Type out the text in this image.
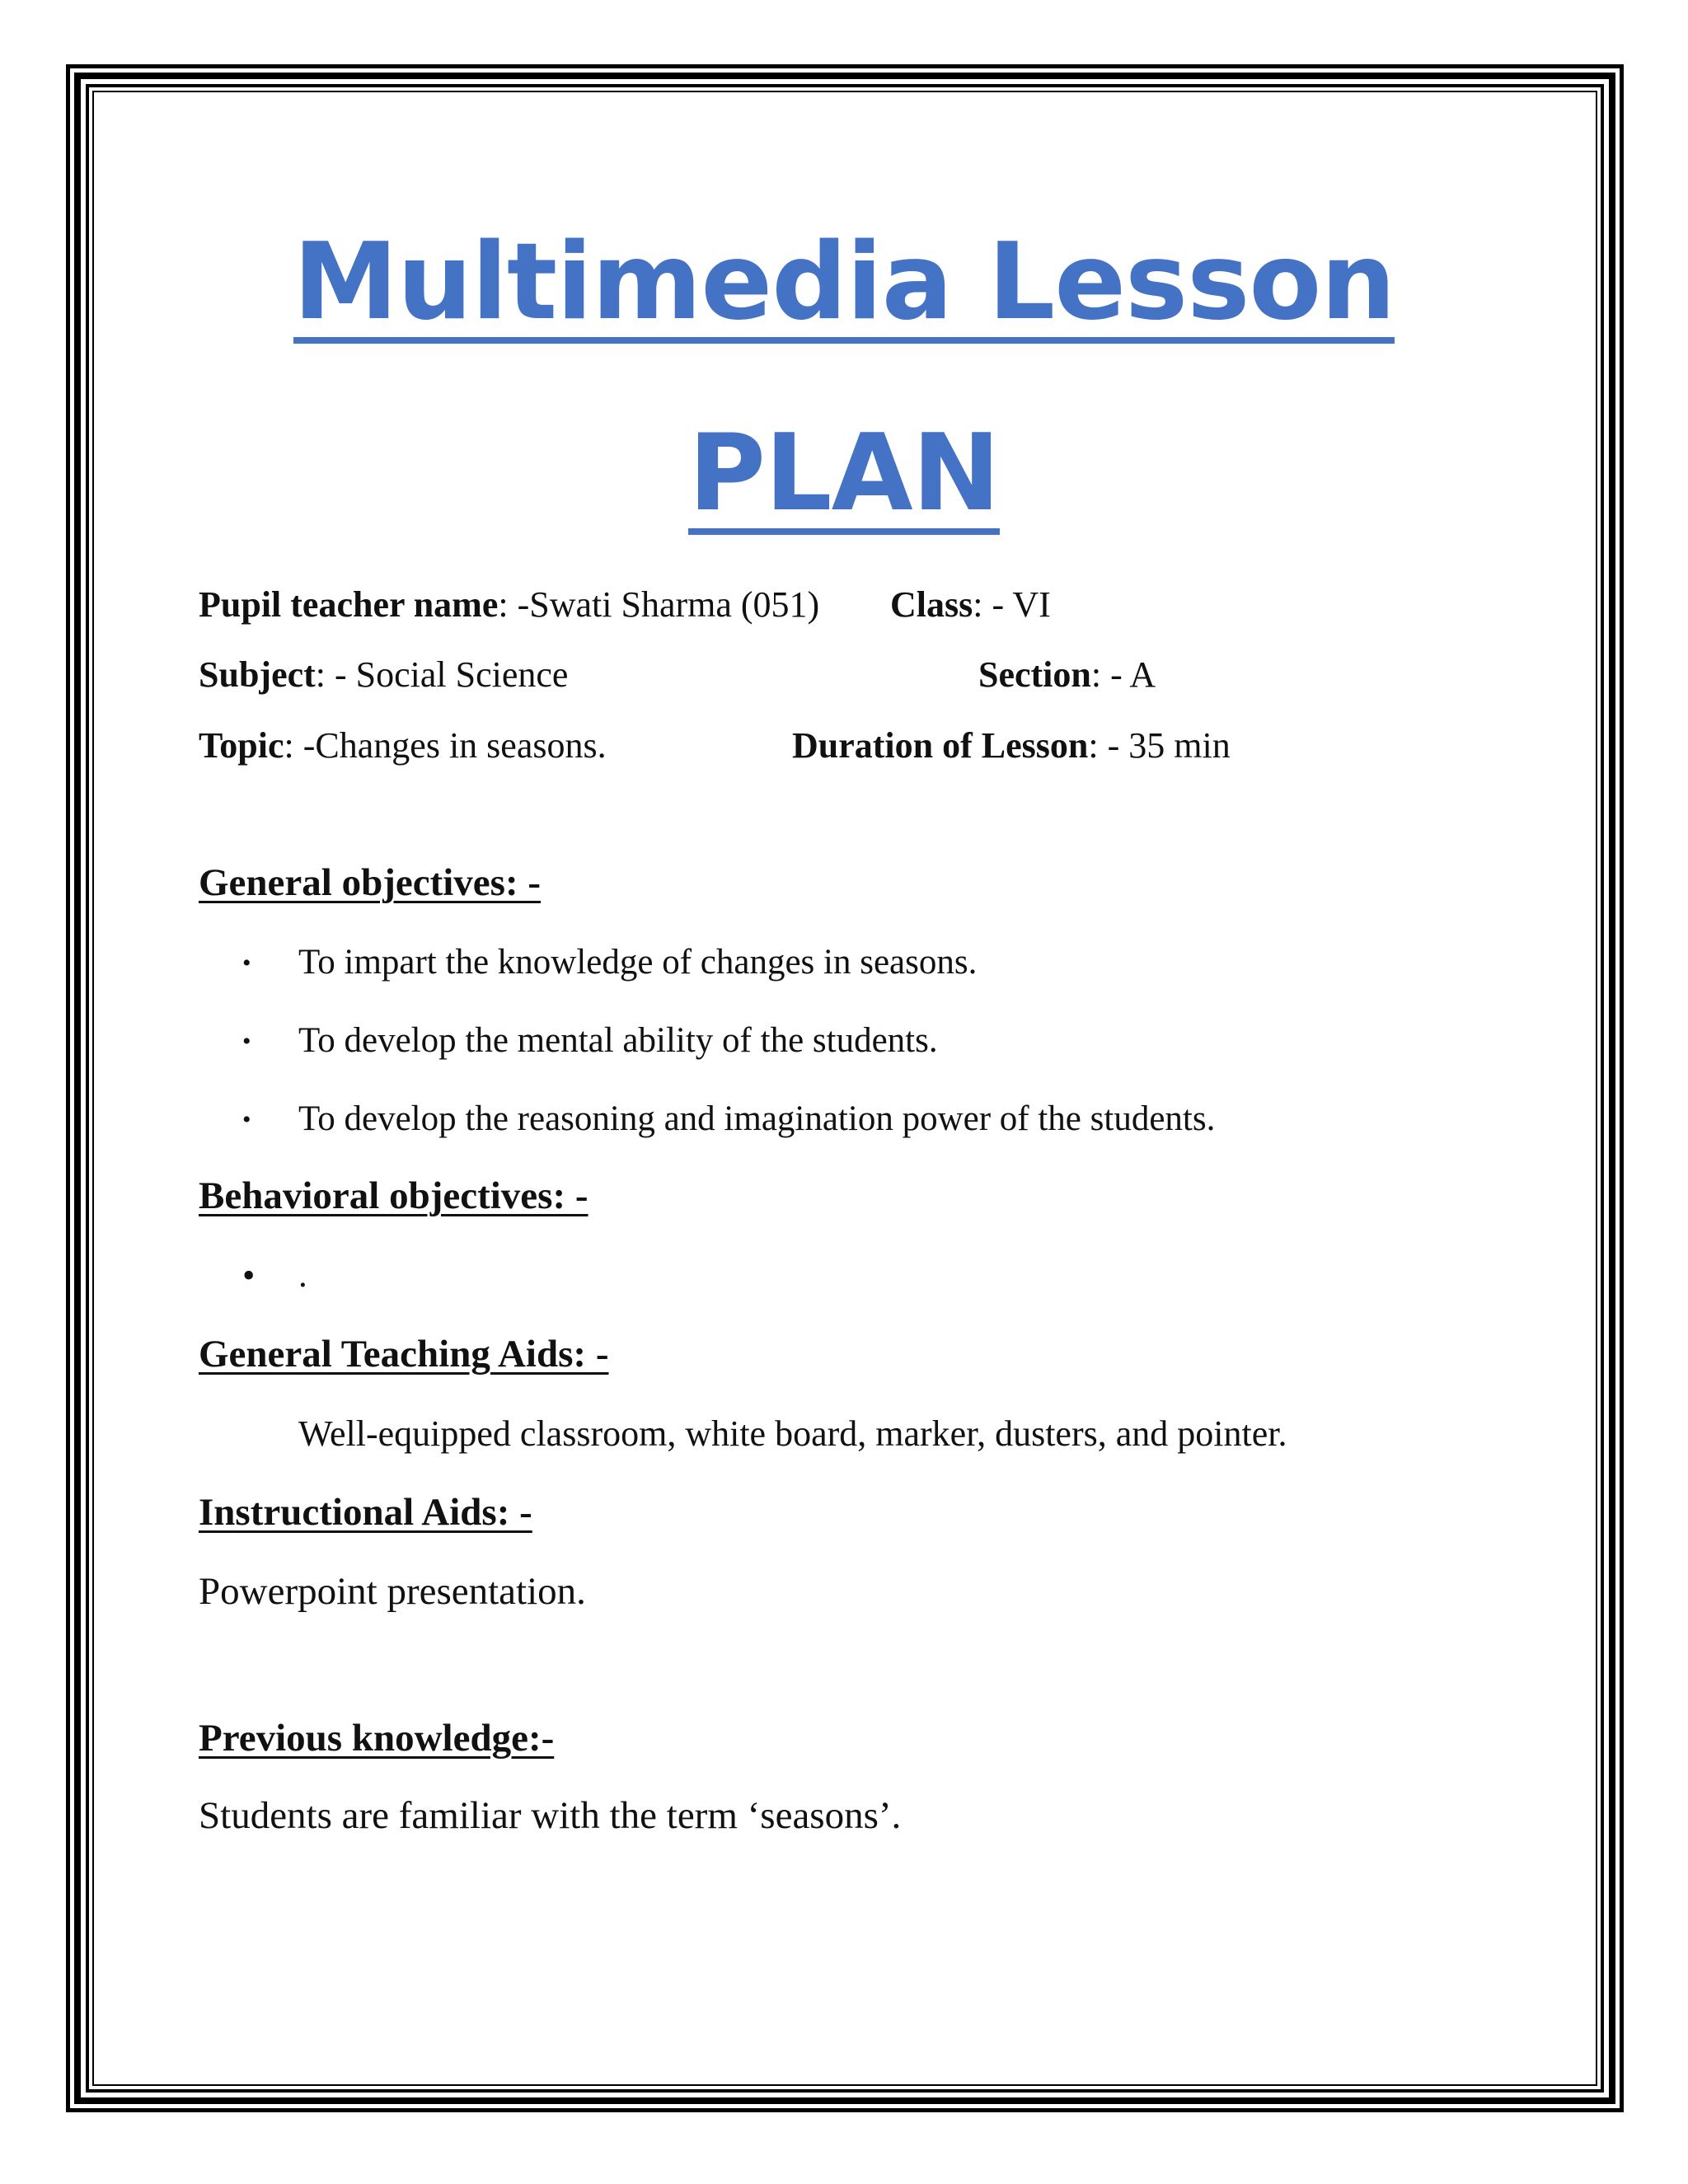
Multimedia Lesson
PLAN
Pupil teacher name: -Swati Sharma (051) Class: - VI
Subject: - Social Science	Section: - A
Topic: -Changes in seasons.	Duration of Lesson: - 35 min
General objectives: -
• To impart the knowledge of changes in seasons.
• To develop the mental ability of the students.
• To develop the reasoning and imagination power of the students.
Behavioral objectives: -
• .
General Teaching Aids: -
Well-equipped classroom, white board, marker, dusters, and pointer.
Instructional Aids: -
Powerpoint presentation.
Previous knowledge:-
Students are familiar with the term ‘seasons’.
